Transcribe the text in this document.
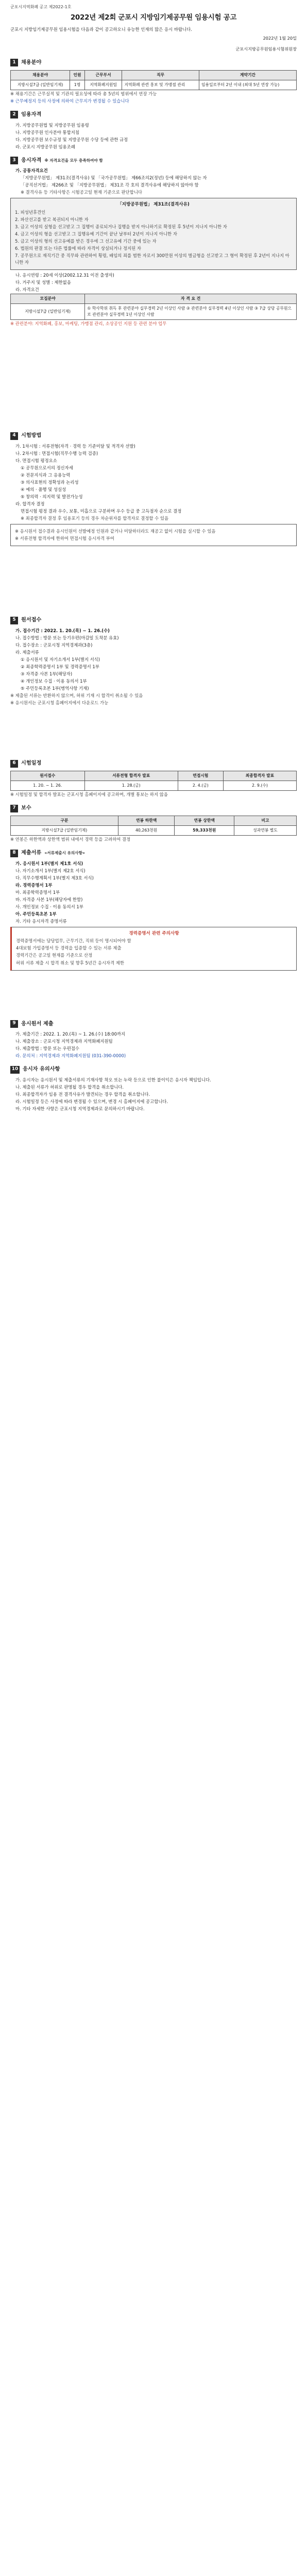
군포시지역화폐 공고 제2022-1호
2022년 제2회 군포시 지방임기제공무원 임용시험 공고
군포시 지방임기제공무원 임용시험을 다음과 같이 공고하오니 유능한 인재의 많은 응시 바랍니다.
2022년 1월 20일
군포시지방공무원임용시험위원장
1	채용분야
채용분야	인원	근무부서	직무	계약기간
지방시설7급 (일반임기제)	1명	지역화폐지원팀	지역화폐 관련 홍보 및 가맹점 관리	임용일로부터 2년 이내 (최대 5년 연장 가능)

※ 채용기간은 근무실적 및 기관의 필요성에 따라 총 5년의 범위에서 연장 가능

※ 근무예정지 등의 사정에 의하여 근무지가 변경될 수 있습니다

2	임용자격

가. 지방공무원법 및 지방공무원 임용령

나. 지방공무원 인사분야 통합지침

다. 지방공무원 보수규정 및 지방공무원 수당 등에 관한 규정

라. 군포시 지방공무원 임용조례

3	응시자격 ※ 자격요건을 모두 충족하여야 함

가. 공통자격요건

「지방공무원법」 제31조(결격사유) 및 「국가공무원법」 제66조의2(정년) 등에 해당하지 않는 자

「공직선거법」 제266조 및 「지방공무원법」 제31조 각 호의 결격사유에 해당하지 않아야 함

※ 결격사유 등 기타사항은 시험공고일 현재 기준으로 판단합니다

「지방공무원법」 제31조(결격사유)

1. 피성년후견인

2. 파산선고를 받고 복권되지 아니한 자

3. 금고 이상의 실형을 선고받고 그 집행이 종료되거나 집행을 받지 아니하기로 확정된 후 5년이 지나지 아니한 자

4. 금고 이상의 형을 선고받고 그 집행유예 기간이 끝난 날부터 2년이 지나지 아니한 자

5. 금고 이상의 형의 선고유예를 받은 경우에 그 선고유예 기간 중에 있는 자

6. 법원의 판결 또는 다른 법률에 따라 자격이 상실되거나 정지된 자

7. 공무원으로 재직기간 중 직무와 관련하여 횡령, 배임의 죄를 범한 자로서 300만원 이상의 벌금형을 선고받고 그 형이 확정된 후 2년이 지나지 아니한 자

나. 응시연령 : 20세 이상(2002.12.31 이전 출생자)

다. 거주지 및 성별 : 제한없음

라. 자격요건

모집분야	자 격 요 건
지방시설7급 (일반임기제)	① 학사학위 취득 후 관련분야 실무경력 2년 이상인 사람 ② 관련분야 실무경력 4년 이상인 사람 ③ 7급 상당 공무원으로 관련분야 실무경력 1년 이상인 사람

※ 관련분야: 지역화폐, 홍보, 마케팅, 가맹점 관리, 소상공인 지원 등 관련 분야 업무

4	시험방법

가. 1차시험 : 서류전형(자격 · 경력 등 기준미달 및 적격자 선발)

나. 2차시험 : 면접시험(직무수행 능력 검증)

다. 면접시험 평정요소

① 공무원으로서의 정신자세

② 전문지식과 그 응용능력

③ 의사표현의 정확성과 논리성

④ 예의 · 품행 및 성실성

⑤ 창의력 · 의지력 및 발전가능성

라. 합격자 결정

면접시험 평정 결과 우수, 보통, 미흡으로 구분하며 우수 등급 중 고득점자 순으로 결정

※ 최종합격자 결정 후 임용포기 등의 경우 차순위자를 합격자로 결정할 수 있음

※ 응시원서 접수결과 응시인원이 선발예정 인원과 같거나 미달하더라도 재공고 없이 시험을 실시할 수 있음

※ 서류전형 합격자에 한하여 면접시험 응시자격 부여

5	원서접수

가. 접수기간 : 2022. 1. 20.(목) ~ 1. 26.(수)

나. 접수방법 : 방문 또는 등기우편(마감일 도착분 유효)

다. 접수장소 : 군포시청 지역경제과(3층)

라. 제출서류

① 응시원서 및 자기소개서 1부(별지 서식)

② 최종학력증명서 1부 및 경력증명서 1부

③ 자격증 사본 1부(해당자)

④ 개인정보 수집 · 이용 동의서 1부

⑤ 주민등록초본 1부(병역사항 기재)

※ 제출된 서류는 반환하지 않으며, 허위 기재 시 합격이 취소될 수 있음

※ 응시원서는 군포시청 홈페이지에서 다운로드 가능

6	시험일정
원서접수	서류전형 합격자 발표	면접시험	최종합격자 발표
1. 20. ~ 1. 26.	1. 28.(금)	2. 4.(금)	2. 9.(수)

※ 시험일정 및 합격자 발표는 군포시청 홈페이지에 공고하며, 개별 통보는 하지 않음

7	보수
구분	연봉 하한액	연봉 상한액	비고
지방시설7급 (일반임기제)	40,263천원	59,333천원	성과연봉 별도

※ 연봉은 하한액과 상한액 범위 내에서 경력 등을 고려하여 결정

8	제출서류 «서류제출시 유의사항»

가. 응시원서 1부(별지 제1호 서식)

나. 자기소개서 1부(별지 제2호 서식)

다. 직무수행계획서 1부(별지 제3호 서식)

라. 경력증명서 1부

마. 최종학력증명서 1부

바. 자격증 사본 1부(해당자에 한함)

사. 개인정보 수집 · 이용 동의서 1부

아. 주민등록초본 1부

자. 기타 응시자격 증명서류

경력증명서 관련 주의사항

경력증명서에는 담당업무, 근무기간, 직위 등이 명시되어야 함

4대보험 가입증명서 등 경력을 입증할 수 있는 서류 제출

경력기간은 공고일 현재를 기준으로 산정

허위 서류 제출 시 합격 취소 및 향후 5년간 응시자격 제한

9	응시원서 제출

가. 제출기간 : 2022. 1. 20.(목) ~ 1. 26.(수) 18:00까지

나. 제출장소 : 군포시청 지역경제과 지역화폐지원팀

다. 제출방법 : 방문 또는 우편접수

라. 문의처 : 지역경제과 지역화폐지원팀 (031-390-0000)

10 응시자 유의사항

가. 응시자는 응시원서 및 제출서류의 기재사항 착오 또는 누락 등으로 인한 불이익은 응시자 책임입니다.

나. 제출된 서류가 허위로 판명될 경우 합격을 취소합니다.

다. 최종합격자가 임용 전 결격사유가 발견되는 경우 합격을 취소합니다.

라. 시험일정 등은 사정에 따라 변경될 수 있으며, 변경 시 홈페이지에 공고합니다.

마. 기타 자세한 사항은 군포시청 지역경제과로 문의하시기 바랍니다.
